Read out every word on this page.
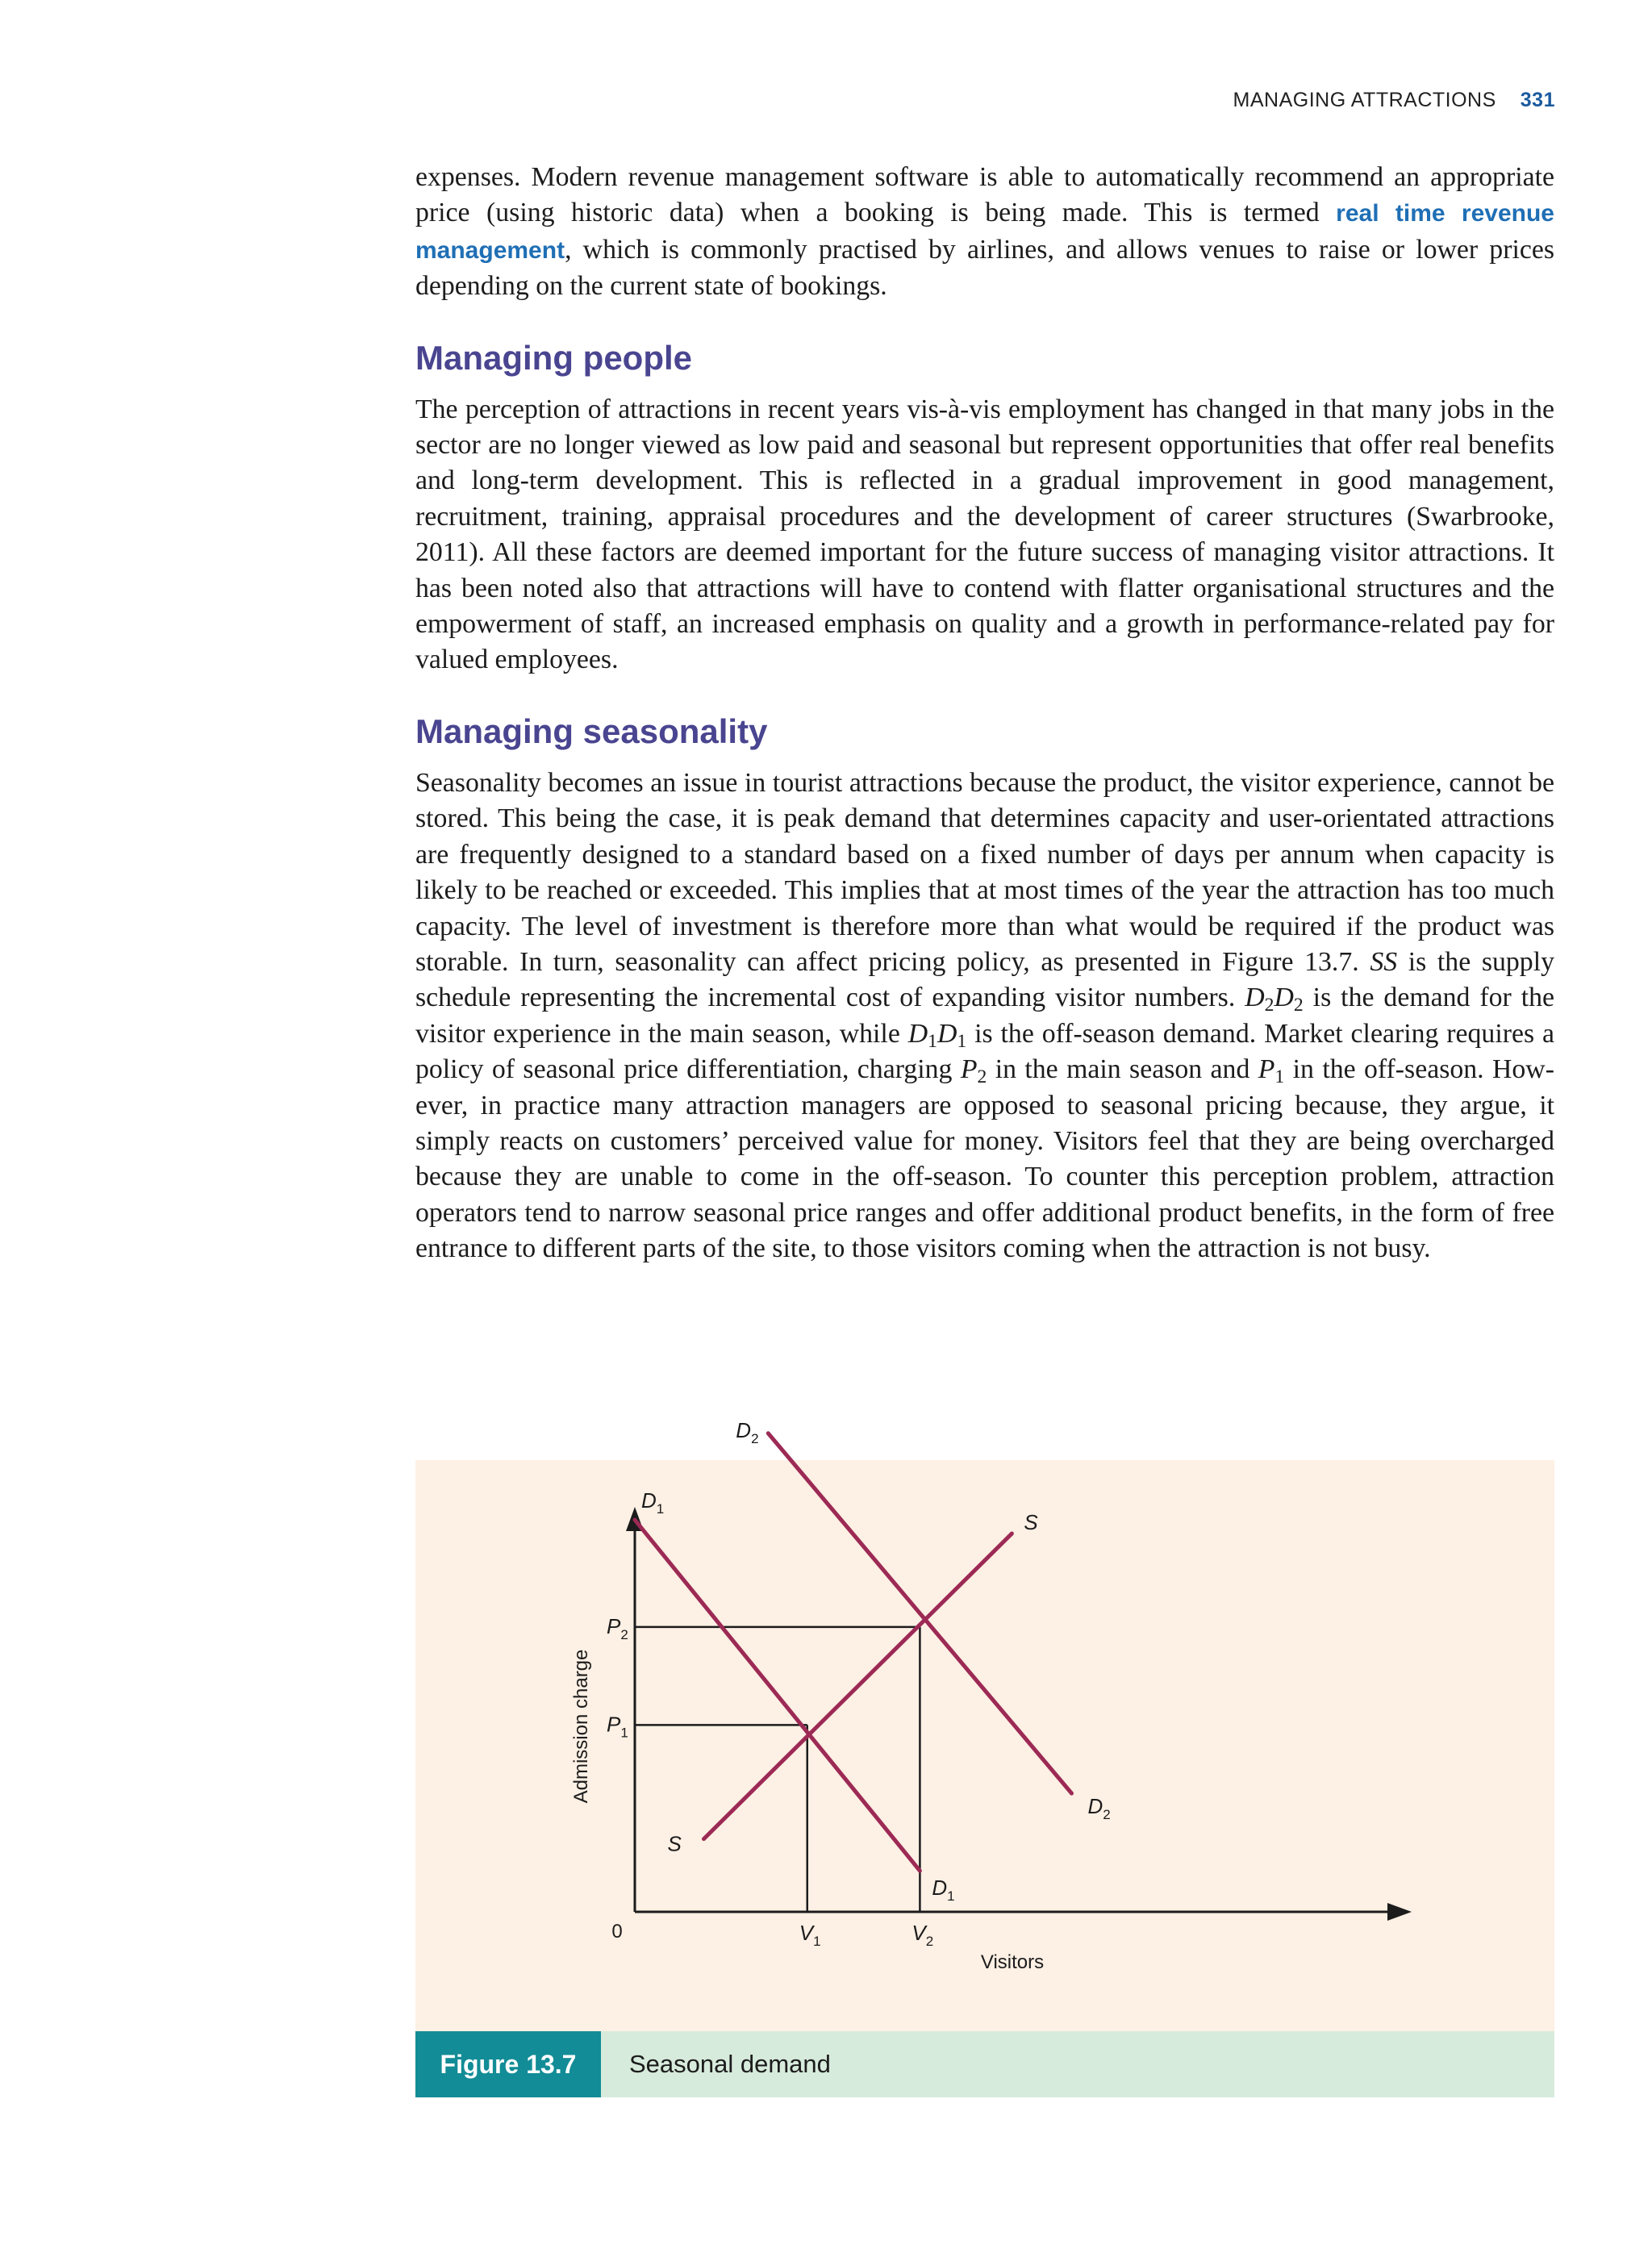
MANAGING ATTRACTIONS 331

expenses. Modern revenue management software is able to automatically recommend an appropriate price (using historic data) when a booking is being made. This is termed real time revenue management, which is commonly practised by airlines, and allows venues to raise or lower prices depending on the current state of bookings.

Managing people

The perception of attractions in recent years vis-à-vis employment has changed in that many jobs in the sector are no longer viewed as low paid and seasonal but represent opportunities that offer real benefits and long-term development. This is reflected in a gradual improvement in good management, recruitment, training, appraisal procedures and the development of career structures (Swarbrooke, 2011). All these factors are deemed important for the future success of managing visitor attractions. It has been noted also that attractions will have to contend with flatter organisational structures and the empowerment of staff, an increased emphasis on quality and a growth in performance-related pay for valued employees.

Managing seasonality

Seasonality becomes an issue in tourist attractions because the product, the visitor experience, cannot be stored. This being the case, it is peak demand that determines capacity and user-orientated attractions are frequently designed to a standard based on a fixed number of days per annum when capacity is likely to be reached or exceeded. This implies that at most times of the year the attraction has too much capacity. The level of investment is therefore more than what would be required if the product was storable. In turn, seasonality can affect pricing policy, as presented in Figure 13.7. SS is the supply schedule representing the incremental cost of expanding visitor numbers. $D_2D_2$ is the demand for the visitor experience in the main season, while $D_1D_1$ is the off-season demand. Market clearing requires a policy of seasonal price differentiation, charging $P_2$ in the main season and $P_1$ in the off-season. However, in practice many attraction managers are opposed to seasonal pricing because, they argue, it simply reacts on customers’ perceived value for money. Visitors feel that they are being overcharged because they are unable to come in the off-season. To counter this perception problem, attraction operators tend to narrow seasonal price ranges and offer additional product benefits, in the form of free entrance to different parts of the site, to those visitors coming when the attraction is not busy.

Visitors
Admission charge
0	$V_1$
$P_1$
$V_2$
$P_2$
S
S
$D_1$
$D_1$
$D_2$
$D_2$
Figure 13.7	Seasonal demand
